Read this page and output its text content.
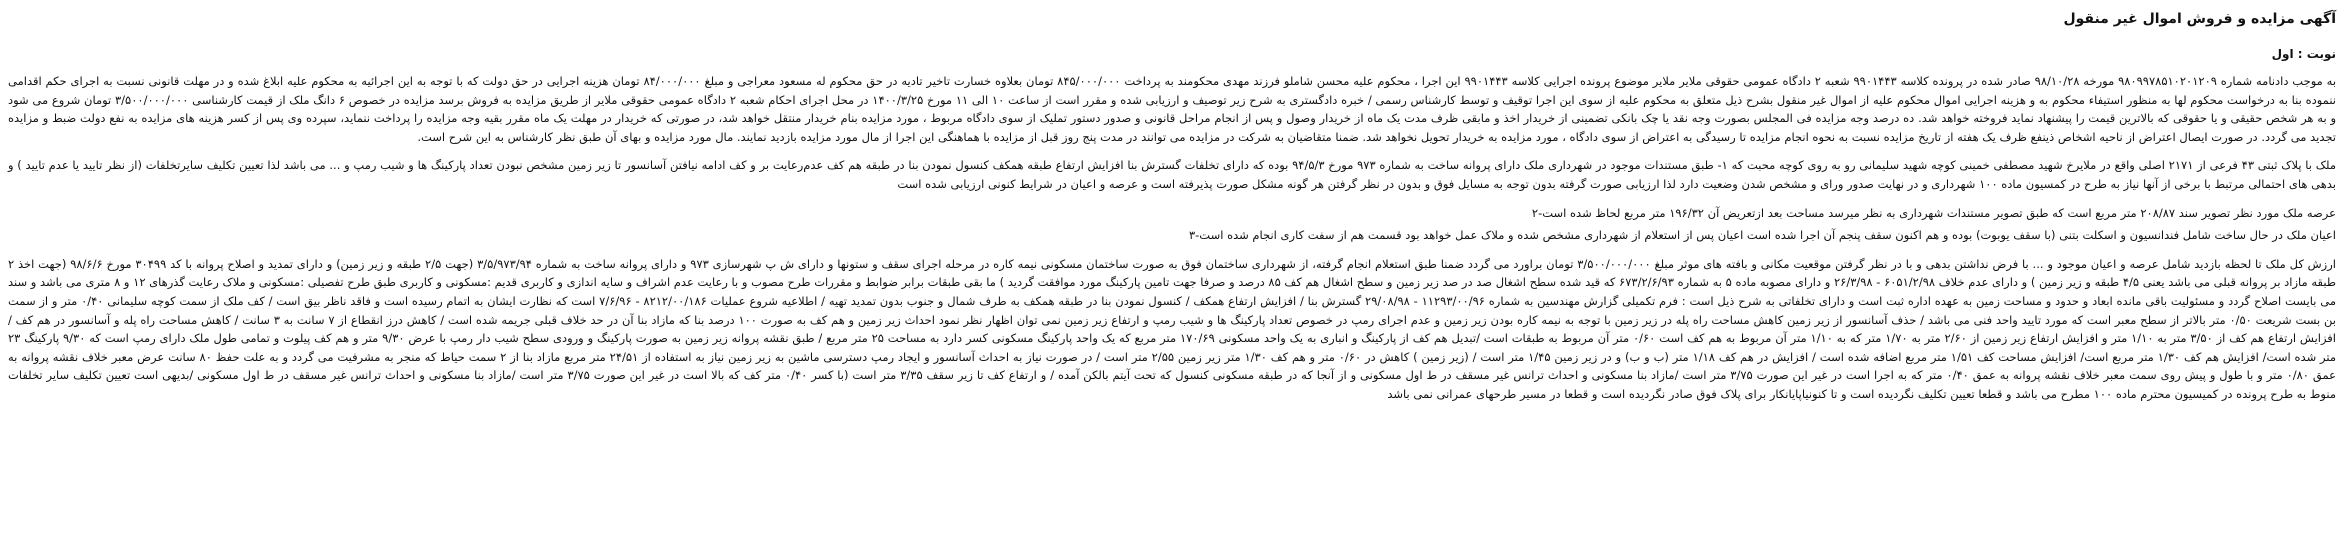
آگهی مزایده و فروش اموال غیر منقول
نوبت : اول
به موجب دادنامه شماره ۹۸۰۹۹۷۸۵۱۰۲۰۱۲۰۹ مورخه ۹۸/۱۰/۲۸ صادر شده در پرونده کلاسه ۹۹۰۱۴۴۳ شعبه ۲ دادگاه عمومی حقوقی ملایر ملایر موضوع پرونده اجرایی کلاسه ۹۹۰۱۴۴۳ این اجرا ، محکوم علیه محسن شاملو فرزند مهدی محکومند به پرداخت ۸۴۵/۰۰۰/۰۰۰ تومان بعلاوه خسارت تاخیر تادیه در حق محکوم له مسعود معراجی و مبلغ ۸۴/۰۰۰/۰۰۰ تومان هزینه اجرایی در حق دولت که با توجه به این اجرائیه به محکوم علیه ابلاغ شده و در مهلت قانونی نسبت به اجرای حکم اقدامی ننموده بنا به درخواست محکوم لها به منظور استیفاء محکوم به و هزینه اجرایی اموال محکوم علیه از اموال غیر منقول بشرح ذیل متعلق به محکوم علیه از سوی این اجرا توقیف و توسط کارشناس رسمی / خبره دادگستری به شرح زیر توصیف و ارزیابی شده و مقرر است از ساعت ۱۰ الی ۱۱ مورخ ۱۴۰۰/۳/۲۵ در محل اجرای احکام شعبه ۲ دادگاه عمومی حقوقی ملایر از طریق مزایده به فروش برسد مزایده در خصوص ۶ دانگ ملک از قیمت کارشناسی ۳/۵۰۰/۰۰۰/۰۰۰ تومان شروع می شود و به هر شخص حقیقی و یا حقوقی که بالاترین قیمت را پیشنهاد نماید فروخته خواهد شد. ده درصد وجه مزایده فی المجلس بصورت وجه نقد یا چک بانکی تضمینی از خریدار اخذ و مابقی ظرف مدت یک ماه از خریدار وصول و پس از انجام مراحل قانونی و صدور دستور تملیک از سوی دادگاه مربوط ، مورد مزایده بنام خریدار منتقل خواهد شد، در صورتی که خریدار در مهلت یک ماه مقرر بقیه وجه مزایده را پرداخت ننماید، سپرده وی پس از کسر هزینه های مزایده به نفع دولت ضبط و مزایده تجدید می گردد. در صورت ایصال اعتراض از ناحیه اشخاص ذینفع ظرف یک هفته از تاریخ مزایده نسبت به نحوه انجام مزایده تا رسیدگی به اعتراض از سوی دادگاه ، مورد مزایده به خریدار تحویل نخواهد شد. ضمنا متقاضیان به شرکت در مزایده می توانند در مدت پنج روز قبل از مزایده با هماهنگی این اجرا از مال مورد مزایده بازدید نمایند. مال مورد مزایده و بهای آن طبق نظر کارشناس به این شرح است.
ملک با پلاک ثبتی ۴۳ فرعی از ۲۱۷۱ اصلی واقع در ملایرخ شهید مصطفی خمینی کوچه شهید سلیمانی رو به روی کوچه محبت که ۱- طبق مستندات موجود در شهرداری ملک دارای پروانه ساخت به شماره ۹۷۳ مورخ ۹۴/۵/۳ بوده که دارای تخلفات گسترش بنا افزایش ارتفاع طبقه همکف کنسول نمودن بنا در طبقه هم کف عدم‌رعایت بر و کف ادامه نیافتن آسانسور تا زیر زمین مشخص نبودن تعداد پارکینگ ها و شیب رمپ و ... می باشد لذا تعیین تکلیف سایرتخلفات (از نظر تایید یا عدم تایید ) و بدهی های احتمالی مرتبط با برخی از آنها نیاز به طرح در کمسیون ماده ۱۰۰ شهرداری و در نهایت صدور ورای و مشخص شدن وضعیت دارد لذا ارزیابی صورت گرفته بدون توجه به مسایل فوق و بدون در نظر گرفتن هر گونه مشکل صورت پذیرفته است و عرصه و اعیان در شرایط کنونی ارزیابی شده است
عرصه ملک مورد نظر تصویر سند ۲۰۸/۸۷ متر مربع است که طبق تصویر مستندات شهرداری به نظر میرسد مساحت بعد ازتعریض آن ۱۹۶/۳۲ متر مربع لحاظ شده است-۲
اعیان ملک در حال ساخت شامل فندانسیون و اسکلت بتنی (با سقف یوبوت) بوده و هم اکنون سقف پنجم آن اجرا شده است اعیان پس از استعلام از شهرداری مشخص شده و ملاک عمل خواهد بود قسمت هم از سفت کاری انجام شده است-۳
ارزش کل ملک تا لحظه بازدید شامل عرصه و اعیان موجود و ... با فرض نداشتن بدهی و با در نظر گرفتن موقعیت مکانی و بافته های موثر مبلغ ۳/۵۰۰/۰۰۰/۰۰۰ تومان براورد می گردد ضمنا طبق استعلام انجام گرفته، از شهرداری ساختمان فوق به صورت ساختمان مسکونی نیمه کاره در مرحله اجرای سقف و ستونها و دارای ش پ شهرسازی ۹۷۳ و دارای پروانه ساخت به شماره ۳/۵/۹۷۳/۹۴ (جهت ۲/۵ طبقه و زیر زمین) و دارای تمدید و اصلاح پروانه با کد ۳۰۴۹۹ مورخ ۹۸/۶/۶ (جهت اخذ ۲ طبقه مازاد بر پروانه قبلی می باشد یعنی ۴/۵ طبقه و زیر زمین ) و دارای عدم خلاف ۶۰۵۱/۲/۹۸ - ۲۶/۳/۹۸ و دارای مصوبه ماده ۵ به شماره ۶۷۳/۲/۶/۹۳ که قید شده سطح اشغال صد در صد زیر زمین و سطح اشغال هم کف ۸۵ درصد و صرفا جهت تامین پارکینگ مورد موافقت گردید ) ما بقی طبقات برابر ضوابط و مقررات طرح مصوب و با رعایت عدم اشراف و سایه اندازی و کاربری قدیم :مسکونی و کاربری طبق طرح تفصیلی :مسکونی و ملاک رعایت گذرهای ۱۲ و ۸ متری می باشد و سند می بایست اصلاح گردد و مسئولیت باقی مانده ابعاد و حدود و مساحت زمین به عهده اداره ثبت است و دارای تخلفاتی به شرح ذیل است : فرم تکمیلی گزارش مهندسین به شماره ۱۱۲۹۳/۰۰/۹۶ - ۲۹/۰۸/۹۸ گسترش بنا / افزایش ارتفاع همکف / کنسول نمودن بنا در طبقه همکف به طرف شمال و جنوب بدون تمدید تهیه / اطلاعیه شروع عملیات ۸۲۱۲/۰۰/۱۸۶ - ۷/۶/۹۶ است که نظارت ایشان به اتمام رسیده است و فاقد ناظر بیق است / کف ملک از سمت کوچه سلیمانی ۰/۴۰ متر و از سمت بن بست شریعت ۰/۵۰ متر بالاتر از سطح معبر است که مورد تایید واحد فنی می باشد / حذف آسانسور از زیر زمین کاهش مساحت راه پله در زیر زمین با توجه به نیمه کاره بودن زیر زمین و عدم اجرای رمپ در خصوص تعداد پارکینگ ها و شیب رمپ و ارتفاع زیر زمین نمی توان اظهار نظر نمود احداث زیر زمین و هم کف به صورت ۱۰۰ درصد بنا که مازاد بنا آن در حد خلاف قبلی جریمه شده است / کاهش درز انقطاع از ۷ سانت به ۳ سانت / کاهش مساحت راه پله و آسانسور در هم کف / افزایش ارتفاع هم کف از ۳/۵۰ متر به ۱/۱۰ متر و افزایش ارتفاع زیر زمین از ۲/۶۰ متر به ۱/۷۰ متر که به ۱/۱۰ متر آن مربوط به هم کف است ۰/۶۰ متر آن مربوط به طبقات است /تبدیل هم کف از پارکینگ و انباری به یک واحد مسکونی ۱۷۰/۶۹ متر مربع که یک واحد پارکینگ مسکونی کسر دارد به مساحت ۲۵ متر مربع / طبق نقشه پروانه زیر زمین به صورت پارکینگ و ورودی سطح شیب دار رمپ با عرض ۹/۳۰ متر و هم کف پیلوت و تمامی طول ملک دارای رمپ است که ۹/۳۰ پارکینگ ۲۳ متر شده است/ افزایش هم کف ۱/۳۰ متر مربع است/ افزایش مساحت کف ۱/۵۱ متر مربع اضافه شده است / افزایش در هم کف ۱/۱۸ متر (ب و ب) و در زیر زمین ۱/۴۵ متر است / (زیر زمین ) کاهش در ۰/۶۰ متر و هم کف ۱/۳۰ متر زیر زمین ۲/۵۵ متر است / در صورت نیاز به احداث آسانسور و ایجاد رمپ دسترسی ماشین به زیر زمین نیاز به استفاده از ۲۴/۵۱ متر مربع مازاد بنا از ۲ سمت حیاط که منجر به مشرفیت می گردد و به علت حفظ ۸۰ سانت عرض معبر خلاف نقشه پروانه به عمق ۰/۸۰ متر و با طول و پیش روی سمت معبر خلاف نقشه پروانه به عمق ۰/۴۰ متر که به اجرا است در غیر این صورت ۳/۷۵ متر است /مازاد بنا مسکونی و احداث ترانس غیر مسقف در ط اول مسکونی و از آنجا که در طبقه مسکونی کنسول که تحت آیتم بالکن آمده / و ارتفاع کف تا زیر سقف ۳/۳۵ متر است (با کسر ۰/۴۰ متر کف که بالا است در غیر این صورت ۳/۷۵ متر است /مازاد بنا مسکونی و احداث ترانس غیر مسقف در ط اول مسکونی /بدیهی است تعیین تکلیف سایر تخلفات منوط به طرح پرونده در کمیسیون محترم ماده ۱۰۰ مطرح می باشد و قطعا تعیین تکلیف نگردیده است و تا کنونیاپایانکار برای پلاک فوق صادر نگردیده است و قطعا در مسیر طرحهای عمرانی نمی باشد
